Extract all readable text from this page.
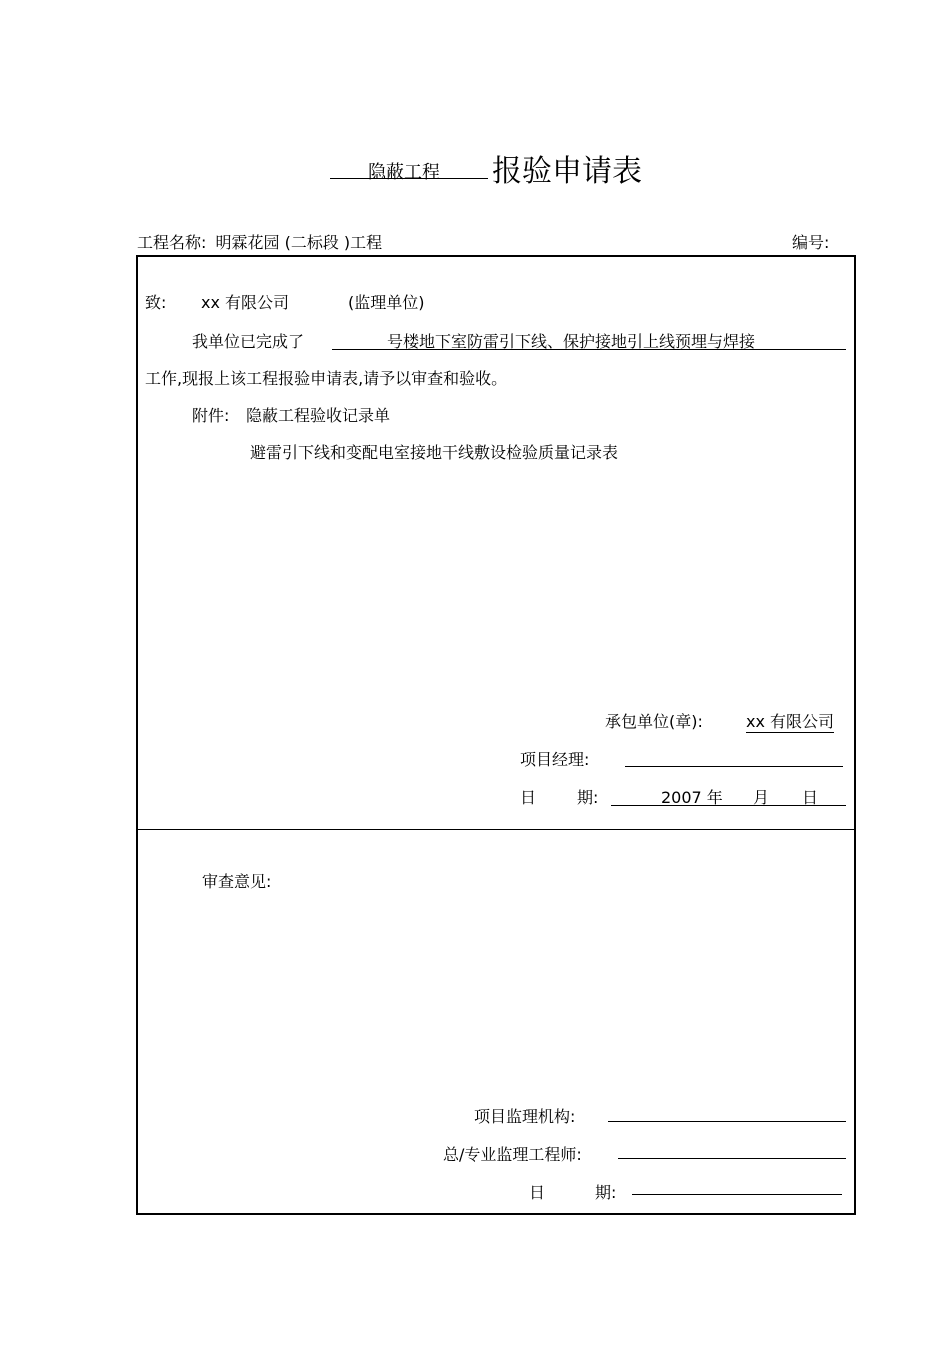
隐蔽工程	报验申请表
工程名称: 明霖花园 (二标段 )工程	编号:
致: xx 有限公司	(监理单位)
我单位已完成了	号楼地下室防雷引下线、保护接地引上线预埋与焊接
工作,现报上该工程报验申请表,请予以审查和验收。
附件: 隐蔽工程验收记录单
避雷引下线和变配电室接地干线敷设检验质量记录表
承包单位(章):	xx 有限公司
项目经理:
日	期:	2007 年 月 日
审查意见:
项目监理机构:
总/专业监理工程师:
日	期:
